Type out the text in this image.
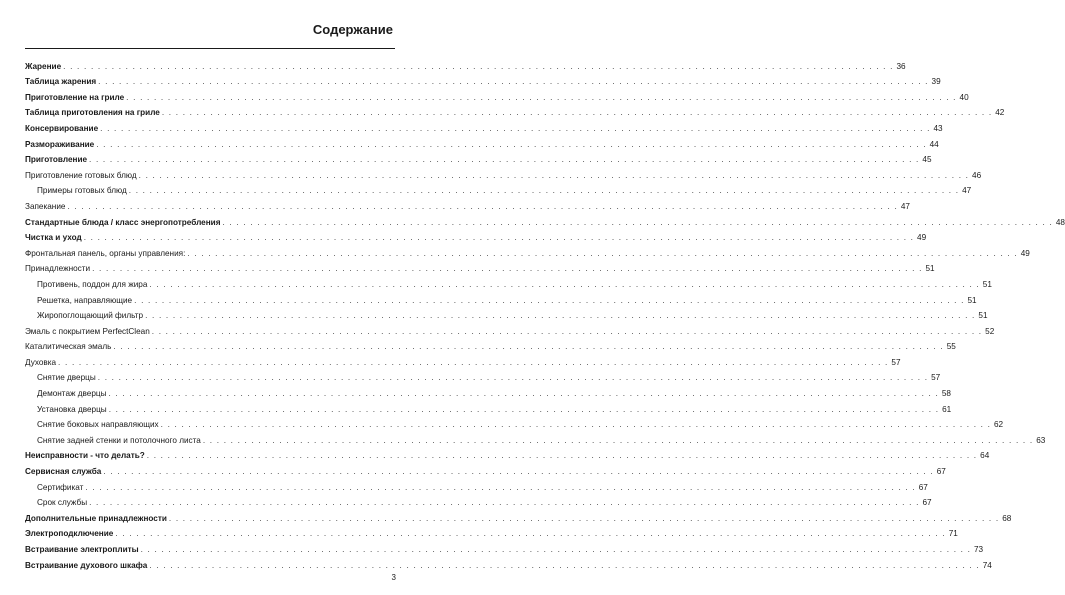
Содержание
Жарение . . . . . . . . . . . . . . . . . . . . . . . . . . . . . . . . . . . . . . . . . . . . . . . . . . . . . . . . . . . . . . . . . . . . . . . . . . . . . . . . . . . . . . . . . . . . . . . . . . . . . . . . . . . . . . . . . . . . . . . . 36
Таблица жарения . . . . . . . . . . . . . . . . . . . . . . . . . . . . . . . . . . . . . . . . . . . . . . . . . . . . . . . . . . . . . . . . . . . . . . . . . . . . . . . . . . . . . . . . . . . . . . . . . . . . . . . . . . . . . . . . . . . . . . . . 39
Приготовление на гриле . . . . . . . . . . . . . . . . . . . . . . . . . . . . . . . . . . . . . . . . . . . . . . . . . . . . . . . . . . . . . . . . . . . . . . . . . . . . . . . . . . . . . . . . . . . . . . . . . . . . . . . . . . . . . . . . . . . . . . . . 40
Таблица приготовления на гриле . . . . . . . . . . . . . . . . . . . . . . . . . . . . . . . . . . . . . . . . . . . . . . . . . . . . . . . . . . . . . . . . . . . . . . . . . . . . . . . . . . . . . . . . . . . . . . . . . . . . . . . . . . . . . . . . . . . . . . . . 42
Консервирование . . . . . . . . . . . . . . . . . . . . . . . . . . . . . . . . . . . . . . . . . . . . . . . . . . . . . . . . . . . . . . . . . . . . . . . . . . . . . . . . . . . . . . . . . . . . . . . . . . . . . . . . . . . . . . . . . . . . . . . . 43
Размораживание . . . . . . . . . . . . . . . . . . . . . . . . . . . . . . . . . . . . . . . . . . . . . . . . . . . . . . . . . . . . . . . . . . . . . . . . . . . . . . . . . . . . . . . . . . . . . . . . . . . . . . . . . . . . . . . . . . . . . . . . 44
Приготовление . . . . . . . . . . . . . . . . . . . . . . . . . . . . . . . . . . . . . . . . . . . . . . . . . . . . . . . . . . . . . . . . . . . . . . . . . . . . . . . . . . . . . . . . . . . . . . . . . . . . . . . . . . . . . . . . . . . . . . . . 45
Приготовление готовых блюд . . . . . . . . . . . . . . . . . . . . . . . . . . . . . . . . . . . . . . . . . . . . . . . . . . . . . . . . . . . . . . . . . . . . . . . . . . . . . . . . . . . . . . . . . . . . . . . . . . . . . . . . . . . . . . . . . . . . . . . . 46
Примеры готовых блюд . . . . . . . . . . . . . . . . . . . . . . . . . . . . . . . . . . . . . . . . . . . . . . . . . . . . . . . . . . . . . . . . . . . . . . . . . . . . . . . . . . . . . . . . . . . . . . . . . . . . . . . . . . . . . . . . . . . . . . . . 47
Запекание . . . . . . . . . . . . . . . . . . . . . . . . . . . . . . . . . . . . . . . . . . . . . . . . . . . . . . . . . . . . . . . . . . . . . . . . . . . . . . . . . . . . . . . . . . . . . . . . . . . . . . . . . . . . . . . . . . . . . . . . 47
Стандартные блюда / класс энергопотребления . . . . . . . . . . . . . . . . . . . . . . . . . . . . . . . . . . . . . . . . . . . . . . . . . . . . . . . . . . . . . . . . . . . . . . . . . . . . . . . . . . . . . . . . . . . . . . . . . . . . . . . . . . . . . . . . . . . . . . . . 48
Чистка и уход . . . . . . . . . . . . . . . . . . . . . . . . . . . . . . . . . . . . . . . . . . . . . . . . . . . . . . . . . . . . . . . . . . . . . . . . . . . . . . . . . . . . . . . . . . . . . . . . . . . . . . . . . . . . . . . . . . . . . . . . 49
Фронтальная панель, органы управления: . . . . . . . . . . . . . . . . . . . . . . . . . . . . . . . . . . . . . . . . . . . . . . . . . . . . . . . . . . . . . . . . . . . . . . . . . . . . . . . . . . . . . . . . . . . . . . . . . . . . . . . . . . . . . . . . . . . . . . . . 49
Принадлежности . . . . . . . . . . . . . . . . . . . . . . . . . . . . . . . . . . . . . . . . . . . . . . . . . . . . . . . . . . . . . . . . . . . . . . . . . . . . . . . . . . . . . . . . . . . . . . . . . . . . . . . . . . . . . . . . . . . . . . . . 51
Противень, поддон для жира . . . . . . . . . . . . . . . . . . . . . . . . . . . . . . . . . . . . . . . . . . . . . . . . . . . . . . . . . . . . . . . . . . . . . . . . . . . . . . . . . . . . . . . . . . . . . . . . . . . . . . . . . . . . . . . . . . . . . . . . 51
Решетка, направляющие . . . . . . . . . . . . . . . . . . . . . . . . . . . . . . . . . . . . . . . . . . . . . . . . . . . . . . . . . . . . . . . . . . . . . . . . . . . . . . . . . . . . . . . . . . . . . . . . . . . . . . . . . . . . . . . . . . . . . . . . 51
Жиропоглощающий фильтр . . . . . . . . . . . . . . . . . . . . . . . . . . . . . . . . . . . . . . . . . . . . . . . . . . . . . . . . . . . . . . . . . . . . . . . . . . . . . . . . . . . . . . . . . . . . . . . . . . . . . . . . . . . . . . . . . . . . . . . . 51
Эмаль с покрытием PerfectClean . . . . . . . . . . . . . . . . . . . . . . . . . . . . . . . . . . . . . . . . . . . . . . . . . . . . . . . . . . . . . . . . . . . . . . . . . . . . . . . . . . . . . . . . . . . . . . . . . . . . . . . . . . . . . . . . . . . . . . . . 52
Каталитическая эмаль . . . . . . . . . . . . . . . . . . . . . . . . . . . . . . . . . . . . . . . . . . . . . . . . . . . . . . . . . . . . . . . . . . . . . . . . . . . . . . . . . . . . . . . . . . . . . . . . . . . . . . . . . . . . . . . . . . . . . . . . 55
Духовка . . . . . . . . . . . . . . . . . . . . . . . . . . . . . . . . . . . . . . . . . . . . . . . . . . . . . . . . . . . . . . . . . . . . . . . . . . . . . . . . . . . . . . . . . . . . . . . . . . . . . . . . . . . . . . . . . . . . . . . . 57
Снятие дверцы . . . . . . . . . . . . . . . . . . . . . . . . . . . . . . . . . . . . . . . . . . . . . . . . . . . . . . . . . . . . . . . . . . . . . . . . . . . . . . . . . . . . . . . . . . . . . . . . . . . . . . . . . . . . . . . . . . . . . . . . 57
Демонтаж дверцы . . . . . . . . . . . . . . . . . . . . . . . . . . . . . . . . . . . . . . . . . . . . . . . . . . . . . . . . . . . . . . . . . . . . . . . . . . . . . . . . . . . . . . . . . . . . . . . . . . . . . . . . . . . . . . . . . . . . . . . . 58
Установка дверцы . . . . . . . . . . . . . . . . . . . . . . . . . . . . . . . . . . . . . . . . . . . . . . . . . . . . . . . . . . . . . . . . . . . . . . . . . . . . . . . . . . . . . . . . . . . . . . . . . . . . . . . . . . . . . . . . . . . . . . . . 61
Снятие боковых направляющих . . . . . . . . . . . . . . . . . . . . . . . . . . . . . . . . . . . . . . . . . . . . . . . . . . . . . . . . . . . . . . . . . . . . . . . . . . . . . . . . . . . . . . . . . . . . . . . . . . . . . . . . . . . . . . . . . . . . . . . . 62
Снятие задней стенки и потолочного листа . . . . . . . . . . . . . . . . . . . . . . . . . . . . . . . . . . . . . . . . . . . . . . . . . . . . . . . . . . . . . . . . . . . . . . . . . . . . . . . . . . . . . . . . . . . . . . . . . . . . . . . . . . . . . . . . . . . . . . . . 63
Неисправности - что делать? . . . . . . . . . . . . . . . . . . . . . . . . . . . . . . . . . . . . . . . . . . . . . . . . . . . . . . . . . . . . . . . . . . . . . . . . . . . . . . . . . . . . . . . . . . . . . . . . . . . . . . . . . . . . . . . . . . . . . . . . 64
Сервисная служба . . . . . . . . . . . . . . . . . . . . . . . . . . . . . . . . . . . . . . . . . . . . . . . . . . . . . . . . . . . . . . . . . . . . . . . . . . . . . . . . . . . . . . . . . . . . . . . . . . . . . . . . . . . . . . . . . . . . . . . . 67
Сертификат . . . . . . . . . . . . . . . . . . . . . . . . . . . . . . . . . . . . . . . . . . . . . . . . . . . . . . . . . . . . . . . . . . . . . . . . . . . . . . . . . . . . . . . . . . . . . . . . . . . . . . . . . . . . . . . . . . . . . . . . 67
Срок службы . . . . . . . . . . . . . . . . . . . . . . . . . . . . . . . . . . . . . . . . . . . . . . . . . . . . . . . . . . . . . . . . . . . . . . . . . . . . . . . . . . . . . . . . . . . . . . . . . . . . . . . . . . . . . . . . . . . . . . . . 67
Дополнительные принадлежности . . . . . . . . . . . . . . . . . . . . . . . . . . . . . . . . . . . . . . . . . . . . . . . . . . . . . . . . . . . . . . . . . . . . . . . . . . . . . . . . . . . . . . . . . . . . . . . . . . . . . . . . . . . . . . . . . . . . . . . . 68
Электроподключение . . . . . . . . . . . . . . . . . . . . . . . . . . . . . . . . . . . . . . . . . . . . . . . . . . . . . . . . . . . . . . . . . . . . . . . . . . . . . . . . . . . . . . . . . . . . . . . . . . . . . . . . . . . . . . . . . . . . . . . . 71
Встраивание электроплиты . . . . . . . . . . . . . . . . . . . . . . . . . . . . . . . . . . . . . . . . . . . . . . . . . . . . . . . . . . . . . . . . . . . . . . . . . . . . . . . . . . . . . . . . . . . . . . . . . . . . . . . . . . . . . . . . . . . . . . . . 73
Встраивание духового шкафа . . . . . . . . . . . . . . . . . . . . . . . . . . . . . . . . . . . . . . . . . . . . . . . . . . . . . . . . . . . . . . . . . . . . . . . . . . . . . . . . . . . . . . . . . . . . . . . . . . . . . . . . . . . . . . . . . . . . . . . . 74
3
